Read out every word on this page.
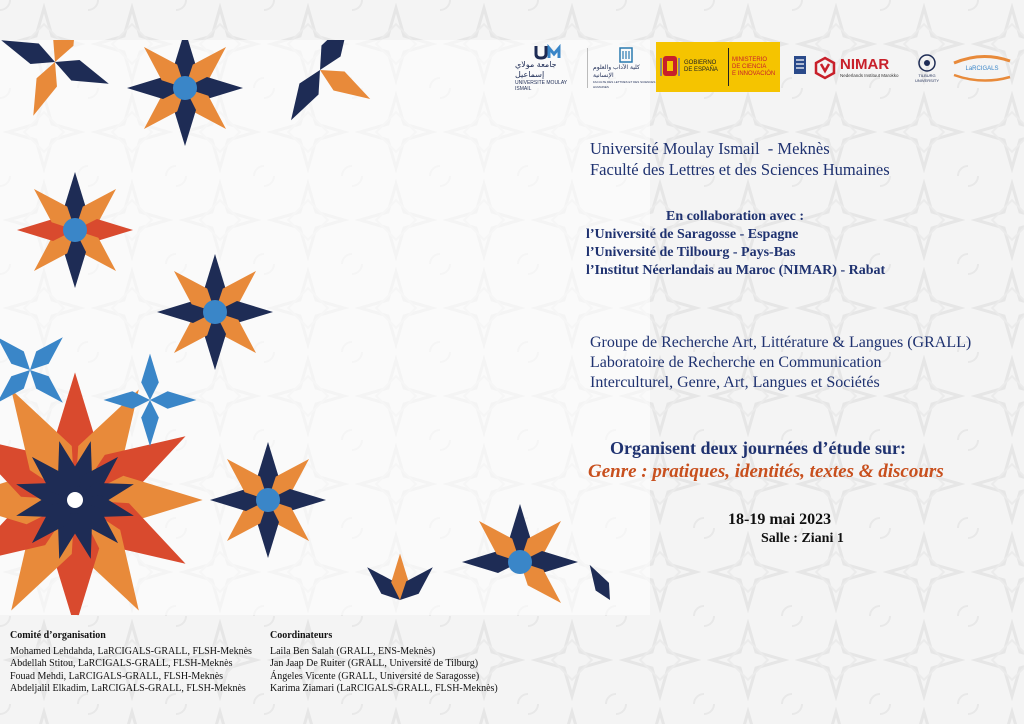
جامعة مولاي إسماعيل
UNIVERSITE MOULAY ISMAIL
كلية الآداب والعلوم الإنسانية
FACULTE DES LETTRES ET DES SCIENCES HUMAINES
GOBIERNO
DE ESPAÑA
MINISTERIO
DE CIENCIA
E INNOVACIÓN
NIMAR
Nederlands Instituut Marokko	TILBURG
UNIVERSITY
LaRCIGALS
Université Moulay Ismail  - Meknès
Faculté des Lettres et des Sciences Humaines
En collaboration avec :
l’Université de Saragosse - Espagne
l’Université de Tilbourg - Pays-Bas
l’Institut Néerlandais au Maroc (NIMAR) - Rabat
Groupe de Recherche Art, Littérature & Langues (GRALL)
Laboratoire de Recherche en Communication
Interculturel, Genre, Art, Langues et Sociétés
Organisent deux journées d’étude sur:
Genre : pratiques, identités, textes & discours
18-19 mai 2023
Salle : Ziani 1
Comité d’organisation
Mohamed Lehdahda, LaRCIGALS-GRALL, FLSH-Meknès
Abdellah Stitou, LaRCIGALS-GRALL, FLSH-Meknès
Fouad Mehdi, LaRCIGALS-GRALL, FLSH-Meknès
Abdeljalil Elkadim, LaRCIGALS-GRALL, FLSH-Meknès
Coordinateurs
Laila Ben Salah (GRALL, ENS-Meknès)
Jan Jaap De Ruiter (GRALL, Université de Tilburg)
Ángeles Vicente (GRALL, Université de Saragosse)
Karima Ziamari (LaRCIGALS-GRALL, FLSH-Meknès)
